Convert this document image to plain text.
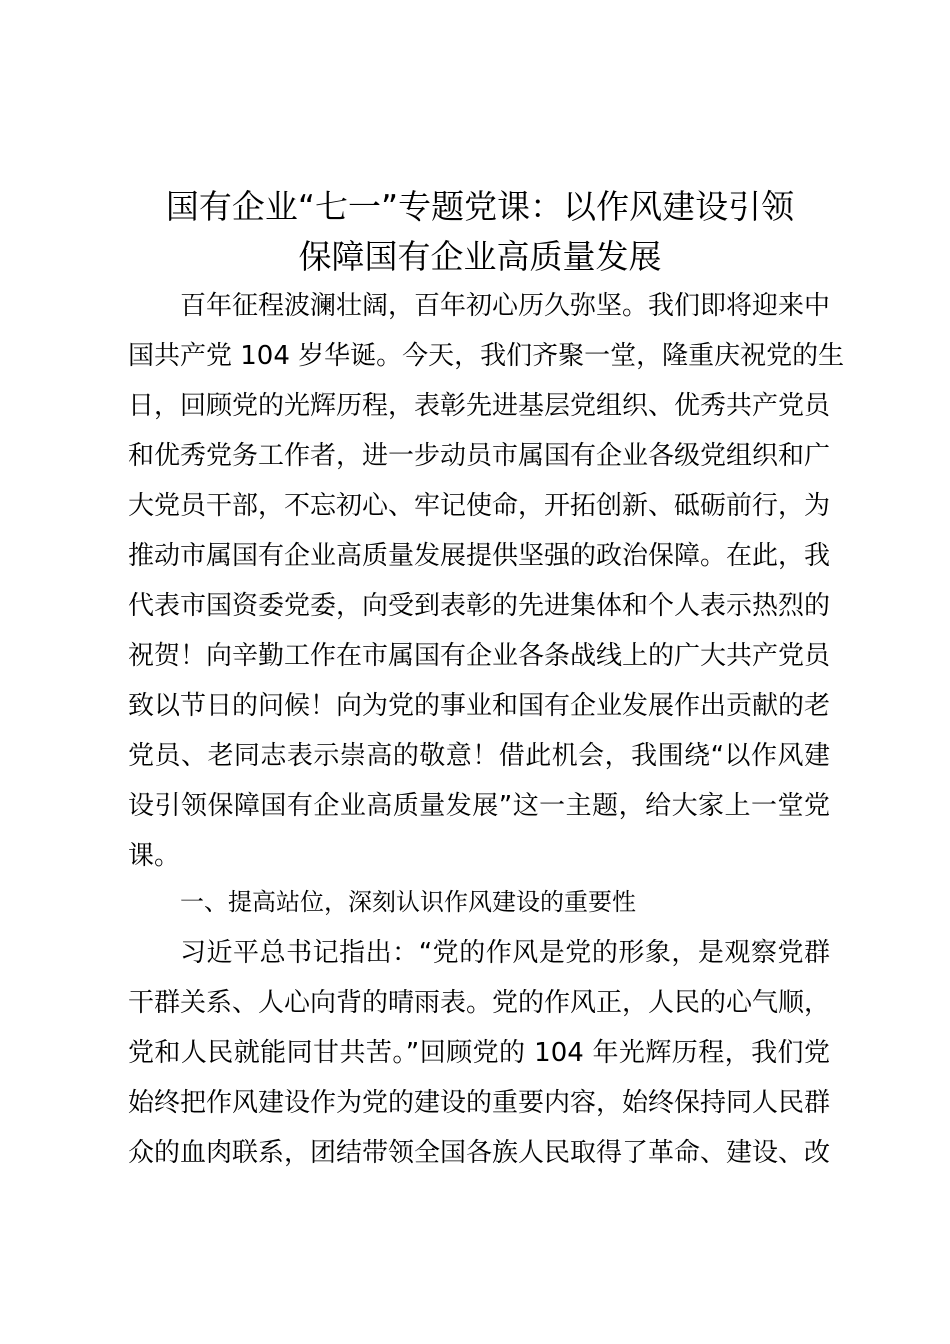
国有企业“七一”专题党课：以作风建设引领
保障国有企业高质量发展
百年征程波澜壮阔，百年初心历久弥坚。我们即将迎来中
国共产党 104 岁华诞。今天，我们齐聚一堂，隆重庆祝党的生
日，回顾党的光辉历程，表彰先进基层党组织、优秀共产党员
和优秀党务工作者，进一步动员市属国有企业各级党组织和广
大党员干部，不忘初心、牢记使命，开拓创新、砥砺前行，为
推动市属国有企业高质量发展提供坚强的政治保障。在此，我
代表市国资委党委，向受到表彰的先进集体和个人表示热烈的
祝贺！向辛勤工作在市属国有企业各条战线上的广大共产党员
致以节日的问候！向为党的事业和国有企业发展作出贡献的老
党员、老同志表示崇高的敬意！借此机会，我围绕“以作风建
设引领保障国有企业高质量发展”这一主题，给大家上一堂党
课。
一、提高站位，深刻认识作风建设的重要性
习近平总书记指出：“党的作风是党的形象，是观察党群
干群关系、人心向背的晴雨表。党的作风正，人民的心气顺，
党和人民就能同甘共苦。”回顾党的 104 年光辉历程，我们党
始终把作风建设作为党的建设的重要内容，始终保持同人民群
众的血肉联系，团结带领全国各族人民取得了革命、建设、改
